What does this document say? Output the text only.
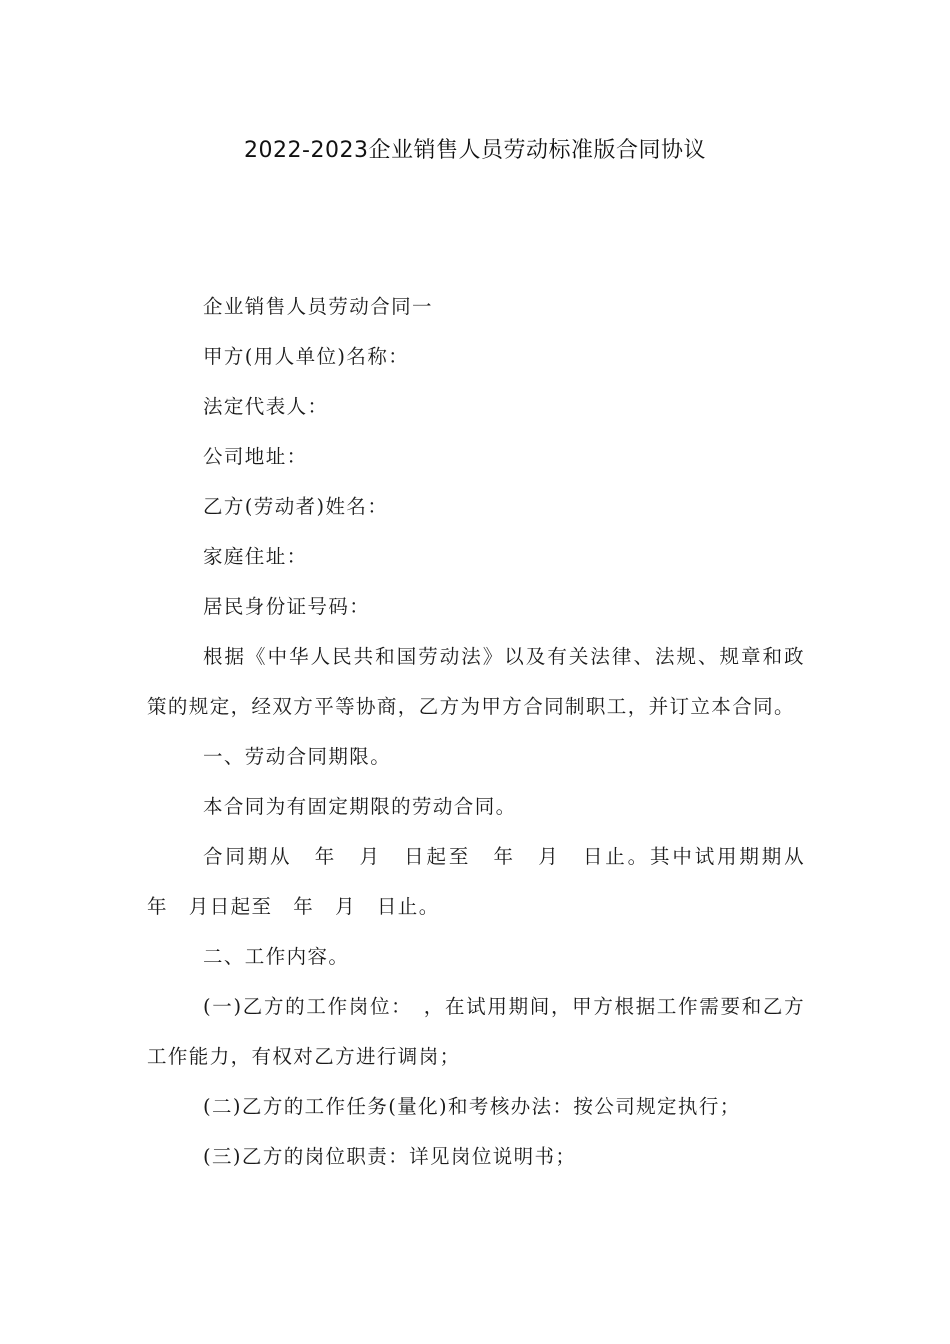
2022-2023企业销售人员劳动标准版合同协议

企业销售人员劳动合同一

甲方(用人单位)名称：

法定代表人：

公司地址：

乙方(劳动者)姓名：

家庭住址：

居民身份证号码：

根据《中华人民共和国劳动法》以及有关法律、法规、规章和政策的规定，经双方平等协商，乙方为甲方合同制职工，并订立本合同。

一、劳动合同期限。

本合同为有固定期限的劳动合同。

合同期从　年　月　日起至　年　月　日止。其中试用期期从　年　月日起至　年　月　日止。

二、工作内容。

(一)乙方的工作岗位：　，在试用期间，甲方根据工作需要和乙方工作能力，有权对乙方进行调岗；

(二)乙方的工作任务(量化)和考核办法：按公司规定执行；

(三)乙方的岗位职责：详见岗位说明书；
